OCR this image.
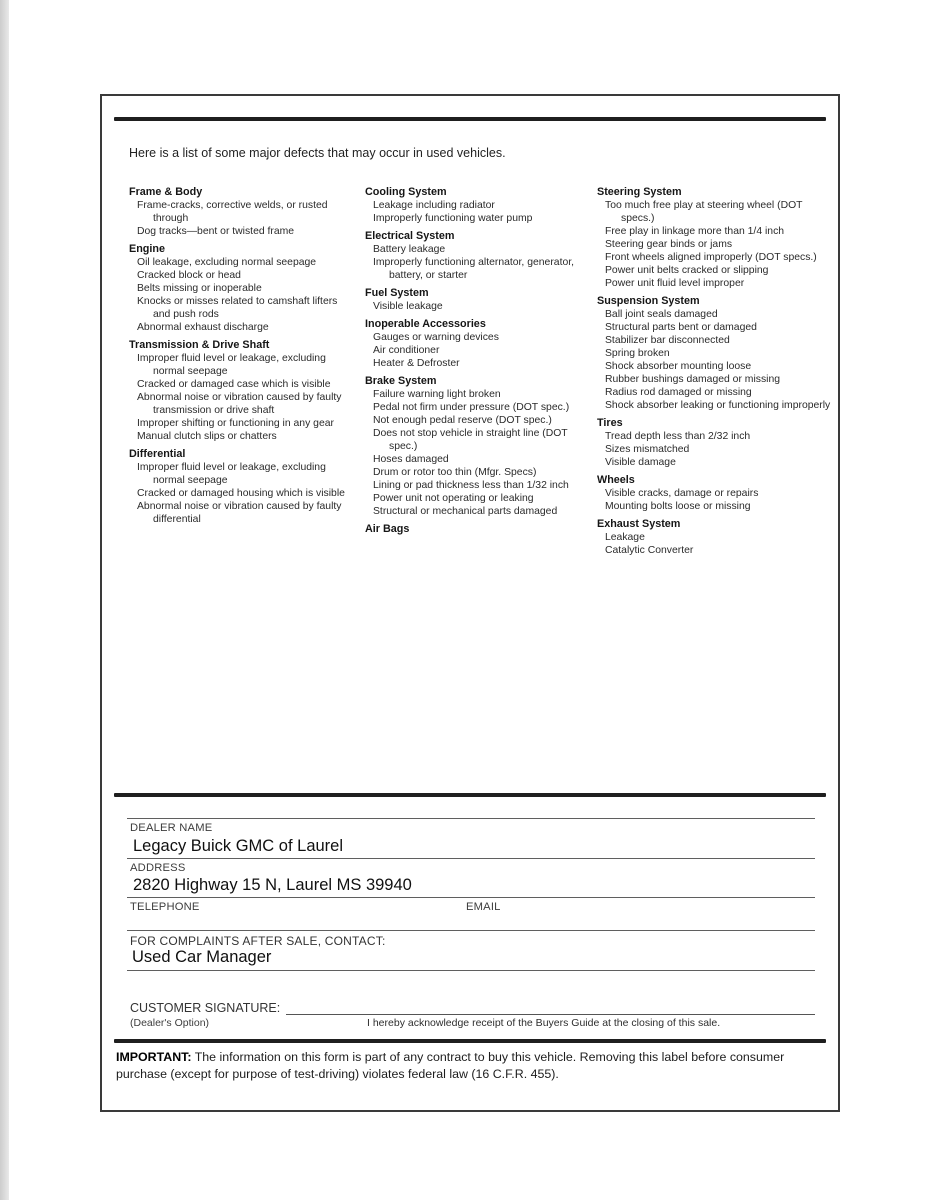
Here is a list of some major defects that may occur in used vehicles.
Frame & Body
Frame-cracks, corrective welds, or rusted through
Dog tracks—bent or twisted frame
Engine
Oil leakage, excluding normal seepage
Cracked block or head
Belts missing or inoperable
Knocks or misses related to camshaft lifters and push rods
Abnormal exhaust discharge
Transmission & Drive Shaft
Improper fluid level or leakage, excluding normal seepage
Cracked or damaged case which is visible
Abnormal noise or vibration caused by faulty transmission or drive shaft
Improper shifting or functioning in any gear
Manual clutch slips or chatters
Differential
Improper fluid level or leakage, excluding normal seepage
Cracked or damaged housing which is visible
Abnormal noise or vibration caused by faulty differential
Cooling System
Leakage including radiator
Improperly functioning water pump
Electrical System
Battery leakage
Improperly functioning alternator, generator, battery, or starter
Fuel System
Visible leakage
Inoperable Accessories
Gauges or warning devices
Air conditioner
Heater & Defroster
Brake System
Failure warning light broken
Pedal not firm under pressure (DOT spec.)
Not enough pedal reserve (DOT spec.)
Does not stop vehicle in straight line (DOT spec.)
Hoses damaged
Drum or rotor too thin (Mfgr. Specs)
Lining or pad thickness less than 1/32 inch
Power unit not operating or leaking
Structural or mechanical parts damaged
Air Bags
Steering System
Too much free play at steering wheel (DOT specs.)
Free play in linkage more than 1/4 inch
Steering gear binds or jams
Front wheels aligned improperly (DOT specs.)
Power unit belts cracked or slipping
Power unit fluid level improper
Suspension System
Ball joint seals damaged
Structural parts bent or damaged
Stabilizer bar disconnected
Spring broken
Shock absorber mounting loose
Rubber bushings damaged or missing
Radius rod damaged or missing
Shock absorber leaking or functioning improperly
Tires
Tread depth less than 2/32 inch
Sizes mismatched
Visible damage
Wheels
Visible cracks, damage or repairs
Mounting bolts loose or missing
Exhaust System
Leakage
Catalytic Converter
DEALER NAME
Legacy Buick GMC of Laurel
ADDRESS
2820 Highway 15 N, Laurel MS 39940
TELEPHONE	EMAIL
FOR COMPLAINTS AFTER SALE, CONTACT:
Used Car Manager
CUSTOMER SIGNATURE:
(Dealer's Option)	I hereby acknowledge receipt of the Buyers Guide at the closing of this sale.
IMPORTANT: The information on this form is part of any contract to buy this vehicle. Removing this label before consumer purchase (except for purpose of test-driving) violates federal law (16 C.F.R. 455).
